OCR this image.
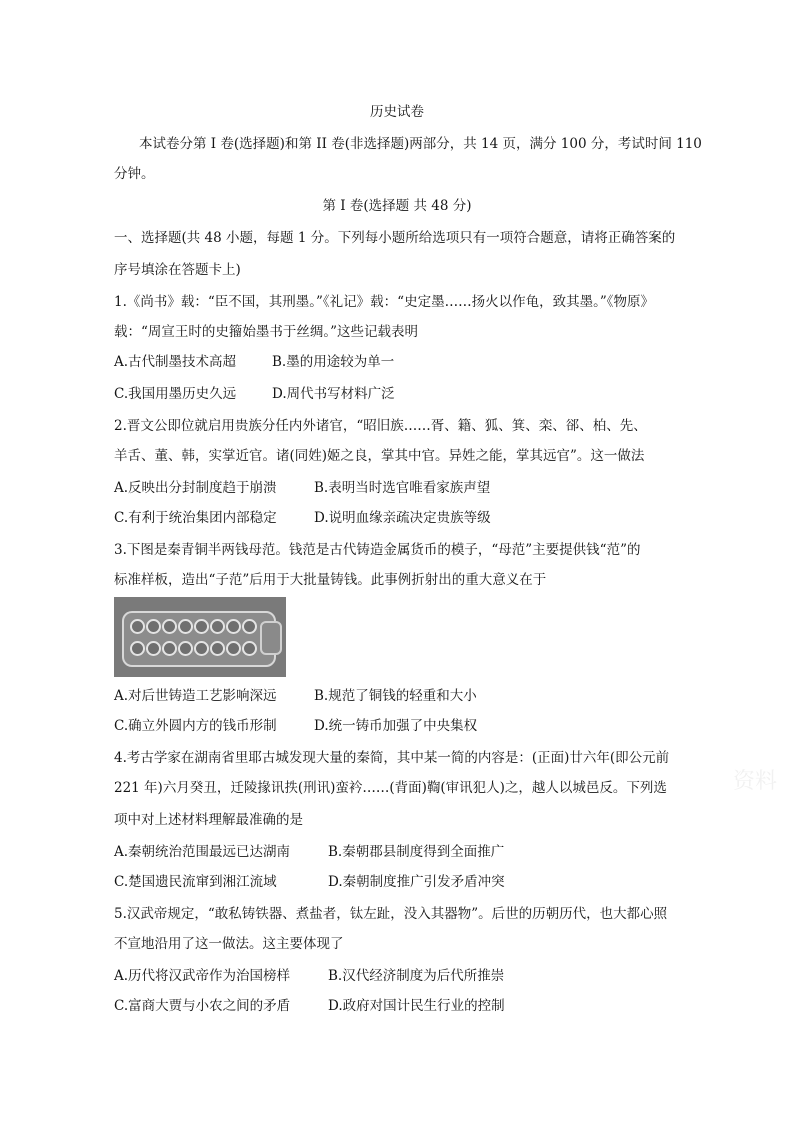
历史试卷
本试卷分第 I 卷(选择题)和第 II 卷(非选择题)两部分，共 14 页，满分 100 分，考试时间 110
分钟。
第 I 卷(选择题 共 48 分)
一、选择题(共 48 小题，每题 1 分。下列每小题所给选项只有一项符合题意，请将正确答案的
序号填涂在答题卡上)
1.《尚书》载：“臣不国，其刑墨。”《礼记》载：“史定墨……扬火以作龟，致其墨。”《物原》
载：“周宣王时的史籀始墨书于丝绸。”这些记载表明
A.古代制墨技术高超	B.墨的用途较为单一
C.我国用墨历史久远	D.周代书写材料广泛
2.晋文公即位就启用贵族分任内外诸官，“昭旧族……胥、籍、狐、箕、栾、郤、柏、先、
羊舌、董、韩，实掌近官。诸(同姓)姬之良，掌其中官。异姓之能，掌其远官”。这一做法
A.反映出分封制度趋于崩溃	B.表明当时选官唯看家族声望
C.有利于统治集团内部稳定	D.说明血缘亲疏决定贵族等级
3.下图是秦青铜半两钱母范。钱范是古代铸造金属货币的模子，“母范”主要提供钱“范”的
标准样板，造出“子范”后用于大批量铸钱。此事例折射出的重大意义在于
A.对后世铸造工艺影响深远	B.规范了铜钱的轻重和大小
C.确立外圆内方的钱币形制	D.统一铸币加强了中央集权
4.考古学家在湖南省里耶古城发现大量的秦简，其中某一简的内容是：(正面)廿六年(即公元前
221 年)六月癸丑，迁陵掾讯抶(刑讯)蛮衿……(背面)鞫(审讯犯人)之，越人以城邑反。下列选
项中对上述材料理解最准确的是
A.秦朝统治范围最远已达湖南	B.秦朝郡县制度得到全面推广
C.楚国遗民流窜到湘江流域	D.秦朝制度推广引发矛盾冲突
5.汉武帝规定，“敢私铸铁器、煮盐者，钛左趾，没入其器物”。后世的历朝历代，也大都心照
不宣地沿用了这一做法。这主要体现了
A.历代将汉武帝作为治国榜样	B.汉代经济制度为后代所推崇
C.富商大贾与小农之间的矛盾	D.政府对国计民生行业的控制
资料
